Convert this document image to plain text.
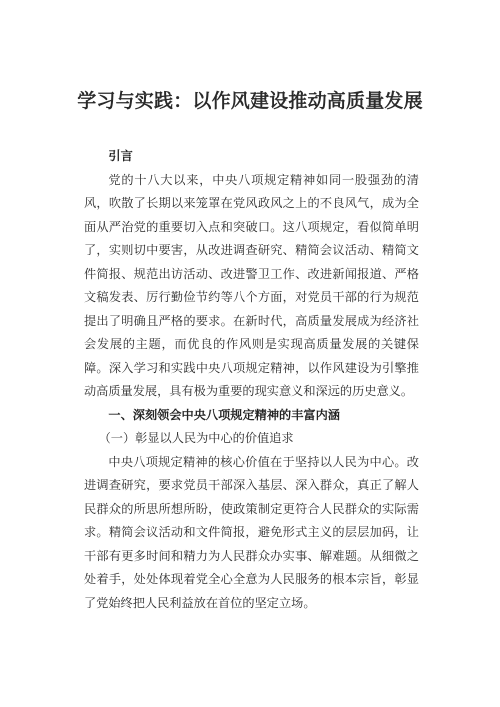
学习与实践：以作风建设推动高质量发展

引言

党的十八大以来，中央八项规定精神如同一股强劲的清风，吹散了长期以来笼罩在党风政风之上的不良风气，成为全面从严治党的重要切入点和突破口。这八项规定，看似简单明了，实则切中要害，从改进调查研究、精简会议活动、精简文件简报、规范出访活动、改进警卫工作、改进新闻报道、严格文稿发表、厉行勤俭节约等八个方面，对党员干部的行为规范提出了明确且严格的要求。在新时代，高质量发展成为经济社会发展的主题，而优良的作风则是实现高质量发展的关键保障。深入学习和实践中央八项规定精神，以作风建设为引擎推动高质量发展，具有极为重要的现实意义和深远的历史意义。

一、深刻领会中央八项规定精神的丰富内涵

（一）彰显以人民为中心的价值追求

中央八项规定精神的核心价值在于坚持以人民为中心。改进调查研究，要求党员干部深入基层、深入群众，真正了解人民群众的所思所想所盼，使政策制定更符合人民群众的实际需求。精简会议活动和文件简报，避免形式主义的层层加码，让干部有更多时间和精力为人民群众办实事、解难题。从细微之处着手，处处体现着党全心全意为人民服务的根本宗旨，彰显了党始终把人民利益放在首位的坚定立场。
